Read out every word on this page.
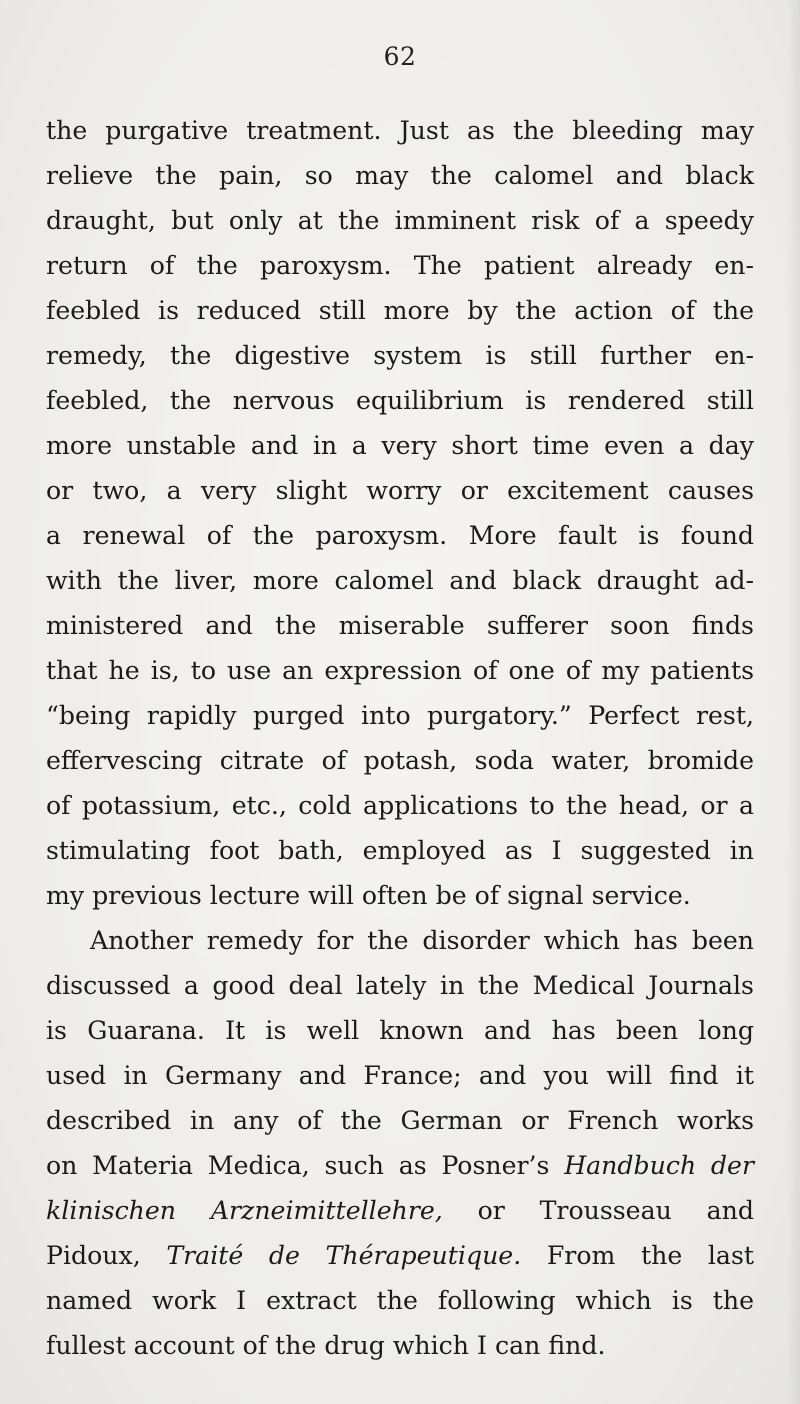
62
the purgative treatment. Just as the bleeding may
relieve the pain, so may the calomel and black
draught, but only at the imminent risk of a speedy
return of the paroxysm. The patient already en-
feebled is reduced still more by the action of the
remedy, the digestive system is still further en-
feebled, the nervous equilibrium is rendered still
more unstable and in a very short time even a day
or two, a very slight worry or excitement causes
a renewal of the paroxysm. More fault is found
with the liver, more calomel and black draught ad-
ministered and the miserable sufferer soon finds
that he is, to use an expression of one of my patients
“being rapidly purged into purgatory.” Perfect rest,
effervescing citrate of potash, soda water, bromide
of potassium, etc., cold applications to the head, or a
stimulating foot bath, employed as I suggested in
my previous lecture will often be of signal service.
Another remedy for the disorder which has been
discussed a good deal lately in the Medical Journals
is Guarana. It is well known and has been long
used in Germany and France; and you will find it
described in any of the German or French works
on Materia Medica, such as Posner’s Handbuch der
klinischen Arzneimittellehre, or Trousseau and
Pidoux, Traité de Thérapeutique. From the last
named work I extract the following which is the
fullest account of the drug which I can find.
